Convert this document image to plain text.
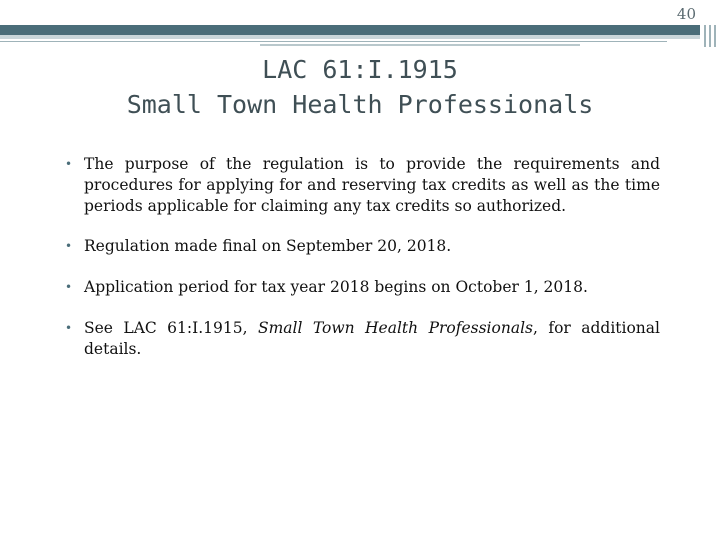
40
LAC 61:I.1915
Small Town Health Professionals
• The purpose of the regulation is to provide the requirements and procedures for applying for and reserving tax credits as well as the time periods applicable for claiming any tax credits so authorized.
• Regulation made final on September 20, 2018.
• Application period for tax year 2018 begins on October 1, 2018.
• See LAC 61:I.1915, Small Town Health Professionals, for additional details.
